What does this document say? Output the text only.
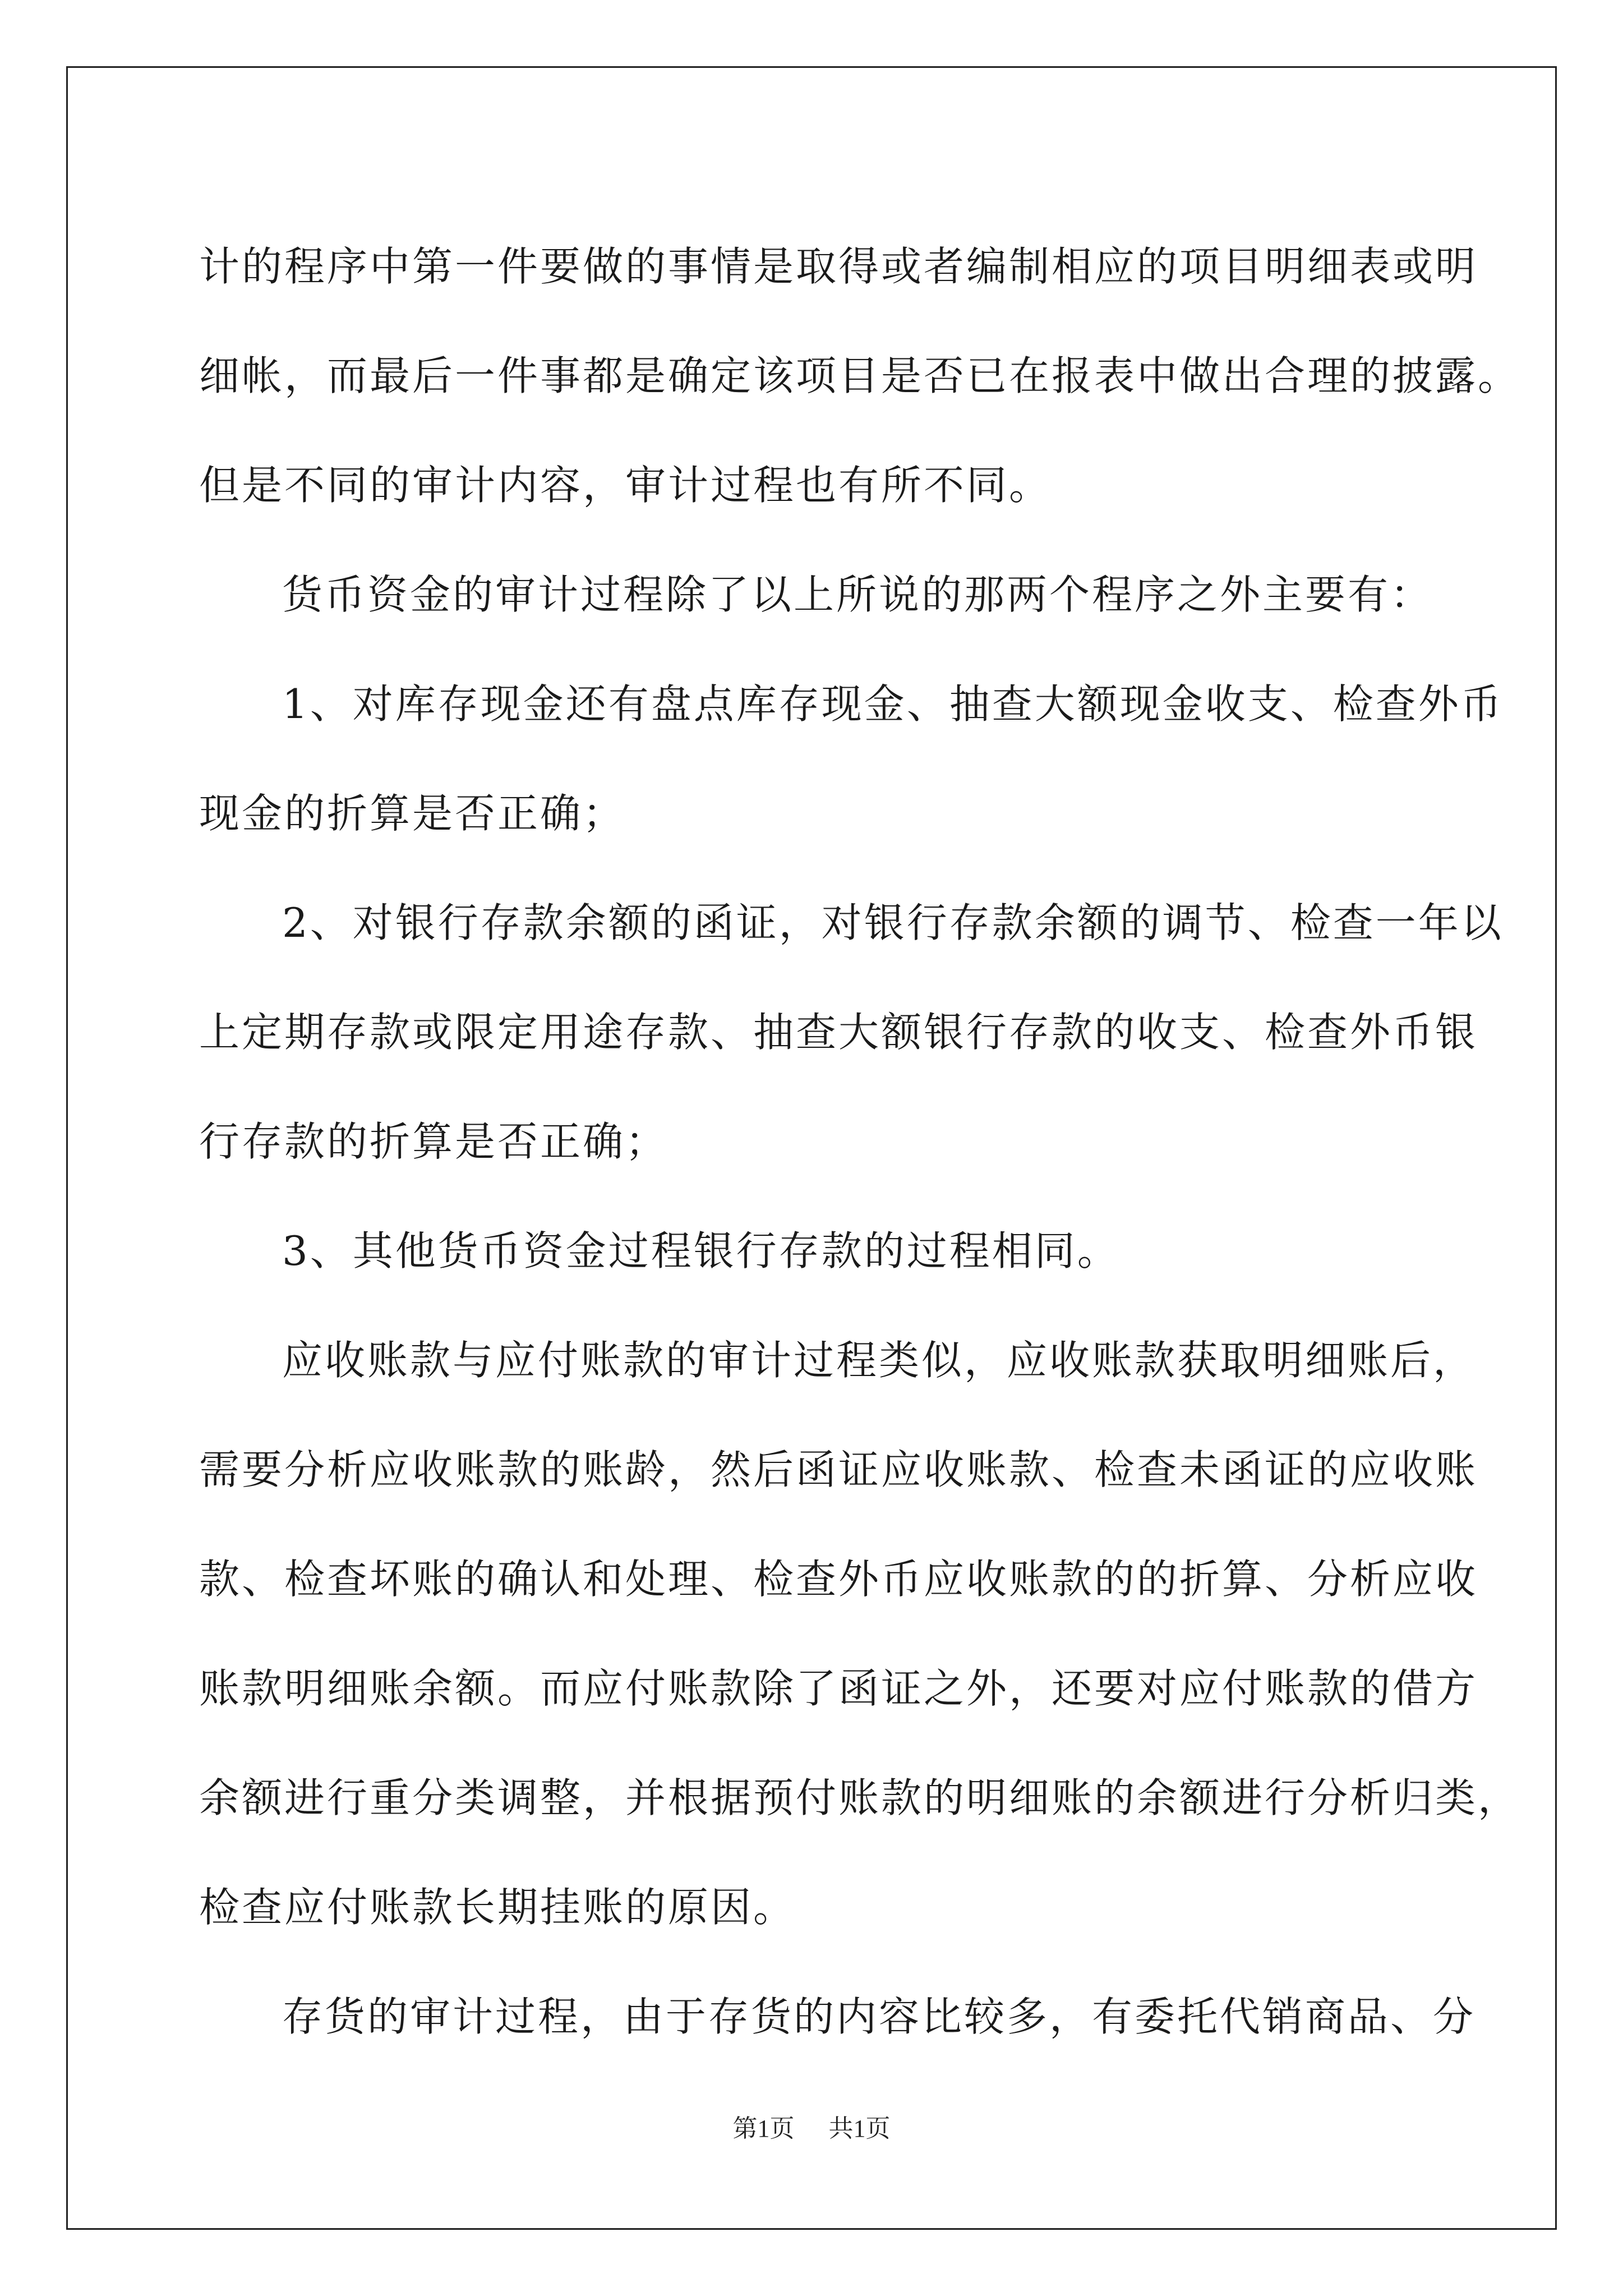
计的程序中第一件要做的事情是取得或者编制相应的项目明细表或明
细帐，而最后一件事都是确定该项目是否已在报表中做出合理的披露。
但是不同的审计内容，审计过程也有所不同。
货币资金的审计过程除了以上所说的那两个程序之外主要有：
1、对库存现金还有盘点库存现金、抽查大额现金收支、检查外币
现金的折算是否正确；
2、对银行存款余额的函证，对银行存款余额的调节、检查一年以
上定期存款或限定用途存款、抽查大额银行存款的收支、检查外币银
行存款的折算是否正确；
3、其他货币资金过程银行存款的过程相同。
应收账款与应付账款的审计过程类似，应收账款获取明细账后，
需要分析应收账款的账龄，然后函证应收账款、检查未函证的应收账
款、检查坏账的确认和处理、检查外币应收账款的的折算、分析应收
账款明细账余额。而应付账款除了函证之外，还要对应付账款的借方
余额进行重分类调整，并根据预付账款的明细账的余额进行分析归类，
检查应付账款长期挂账的原因。
存货的审计过程，由于存货的内容比较多，有委托代销商品、分
第1页 共1页
